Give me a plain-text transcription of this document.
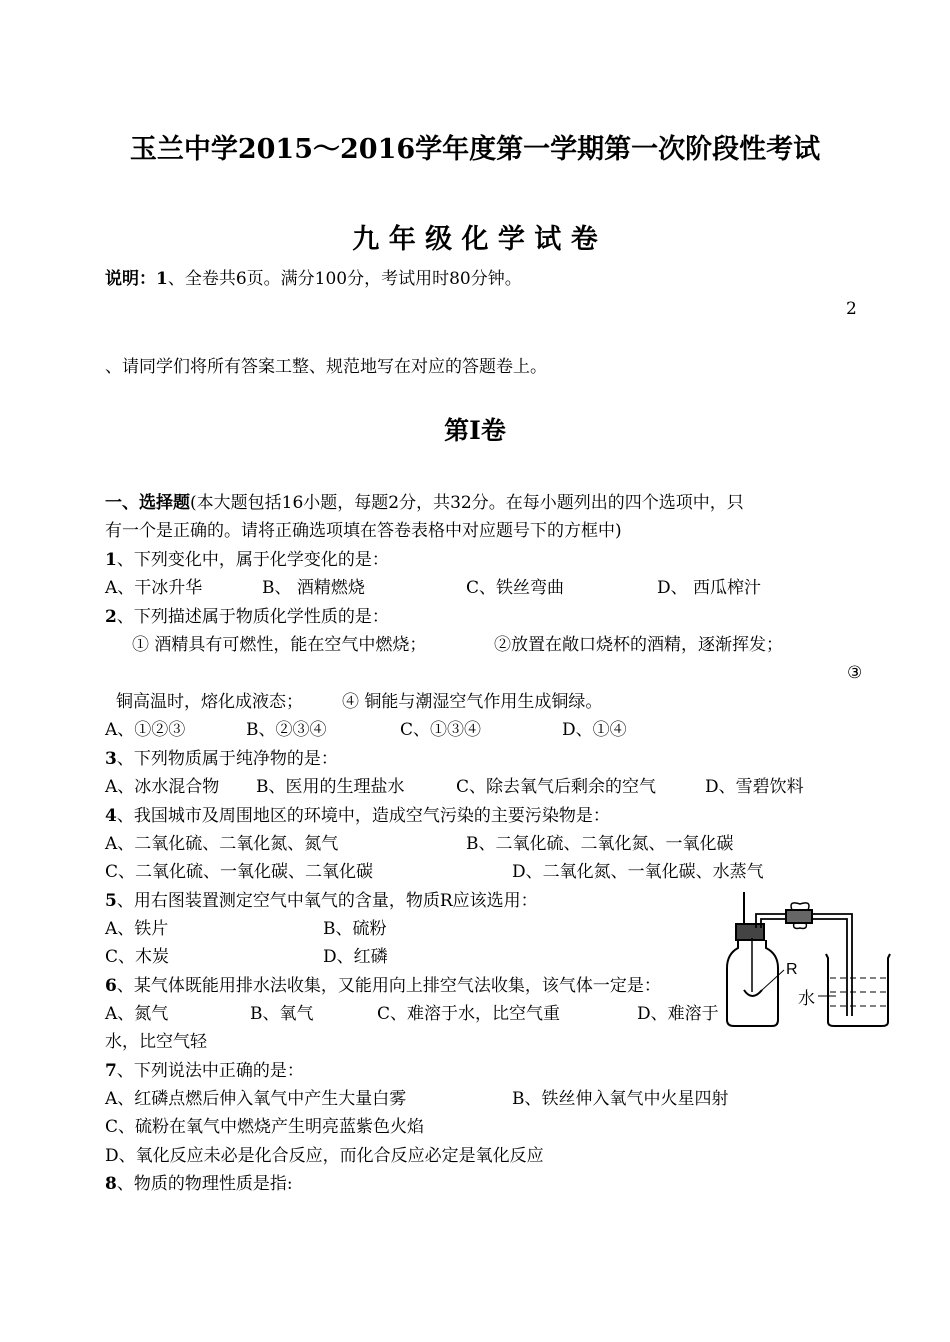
玉兰中学2015～2016学年度第一学期第一次阶段性考试
九 年 级 化 学 试 卷
说明：1、全卷共6页。满分100分，考试用时80分钟。
2
、请同学们将所有答案工整、规范地写在对应的答题卷上。
第Ⅰ卷
一、选择题(本大题包括16小题，每题2分，共32分。在每小题列出的四个选项中，只
有一个是正确的。请将正确选项填在答卷表格中对应题号下的方框中)
1、下列变化中，属于化学变化的是：
A、干冰升华	B、 酒精燃烧	C、铁丝弯曲	D、 西瓜榨汁
2、下列描述属于物质化学性质的是：
① 酒精具有可燃性，能在空气中燃烧；	②放置在敞口烧杯的酒精，逐渐挥发；
③
铜高温时，熔化成液态； ④ 铜能与潮湿空气作用生成铜绿。
A、①②③	B、②③④	C、①③④	D、①④
3、下列物质属于纯净物的是：
A、冰水混合物 B、医用的生理盐水	C、除去氧气后剩余的空气	D、雪碧饮料
4、我国城市及周围地区的环境中，造成空气污染的主要污染物是：
A、二氧化硫、二氧化氮、氮气	B、二氧化硫、二氧化氮、一氧化碳
C、二氧化硫、一氧化碳、二氧化碳	D、二氧化氮、一氧化碳、水蒸气
5、用右图装置测定空气中氧气的含量，物质R应该选用：
A、铁片	B、硫粉
C、木炭	D、红磷
6、某气体既能用排水法收集，又能用向上排空气法收集，该气体一定是：
A、氮气	B、氧气	C、难溶于水，比空气重	D、难溶于
水，比空气轻
7、下列说法中正确的是：
A、红磷点燃后伸入氧气中产生大量白雾	B、铁丝伸入氧气中火星四射
C、硫粉在氧气中燃烧产生明亮蓝紫色火焰
D、氧化反应未必是化合反应，而化合反应必定是氧化反应
8、物质的物理性质是指:
R
水
